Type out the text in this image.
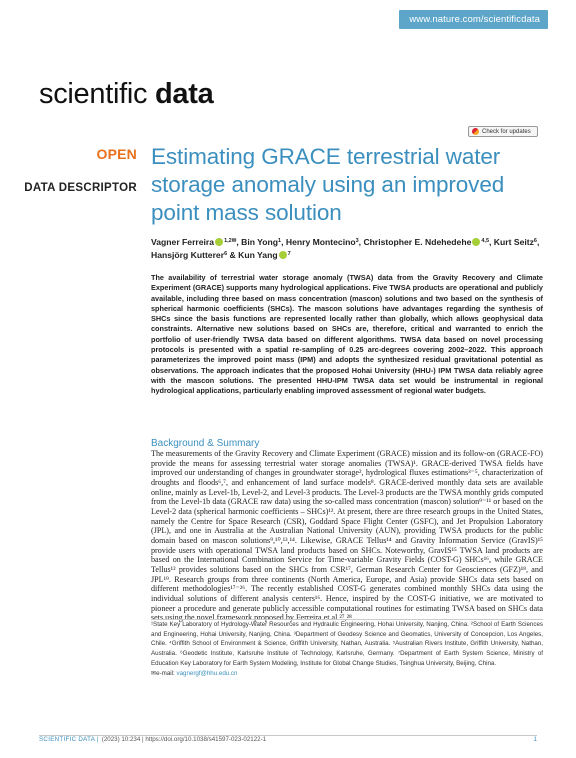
www.nature.com/scientificdata
scientific data
Check for updates
OPEN
DATA DESCRIPTOR
Estimating GRACE terrestrial water storage anomaly using an improved point mass solution
Vagner Ferreira $^{1,2✉}$, Bin Yong$^1$, Henry Montecino$^3$, Christopher E. Ndehedehe $^{4,5}$, Kurt Seitz$^6$, Hansjörg Kutterer$^6$ & Kun Yang $^7$

The availability of terrestrial water storage anomaly (TWSA) data from the Gravity Recovery and Climate Experiment (GRACE) supports many hydrological applications. Five TWSA products are operational and publicly available, including three based on mass concentration (mascon) solutions and two based on the synthesis of spherical harmonic coefficients (SHCs). The mascon solutions have advantages regarding the synthesis of SHCs since the basis functions are represented locally rather than globally, which allows geophysical data constraints. Alternative new solutions based on SHCs are, therefore, critical and warranted to enrich the portfolio of user-friendly TWSA data based on different algorithms. TWSA data based on novel processing protocols is presented with a spatial re-sampling of 0.25 arc-degrees covering 2002–2022. This approach parameterizes the improved point mass (IPM) and adopts the synthesized residual gravitational potential as observations. The approach indicates that the proposed Hohai University (HHU-) IPM TWSA data reliably agree with the mascon solutions. The presented HHU-IPM TWSA data set would be instrumental in regional hydrological applications, particularly enabling improved assessment of regional water budgets.

Background & Summary

The measurements of the Gravity Recovery and Climate Experiment (GRACE) mission and its follow-on (GRACE-FO) provide the means for assessing terrestrial water storage anomalies (TWSA)¹. GRACE-derived TWSA fields have improved our understanding of changes in groundwater storage², hydrological fluxes estimations³⁻⁵, characterization of droughts and floods⁶,⁷, and enhancement of land surface models⁸. GRACE-derived monthly data sets are available online, mainly as Level-1b, Level-2, and Level-3 products. The Level-3 products are the TWSA monthly grids computed from the Level-1b data (GRACE raw data) using the so-called mass concentration (mascon) solution⁹⁻¹¹ or based on the Level-2 data (spherical harmonic coefficients – SHCs)¹². At present, there are three research groups in the United States, namely the Centre for Space Research (CSR), Goddard Space Flight Center (GSFC), and Jet Propulsion Laboratory (JPL), and one in Australia at the Australian National University (AUN), providing TWSA products for the public domain based on mascon solutions⁹,¹⁰,¹³,¹⁴. Likewise, GRACE Tellus¹⁴ and Gravity Information Service (GravIS)¹⁵ provide users with operational TWSA land products based on SHCs. Noteworthy, GravIS¹⁵ TWSA land products are based on the International Combination Service for Time-variable Gravity Fields (COST-G) SHCs¹⁶, while GRACE Tellus¹² provides solutions based on the SHCs from CSR¹⁷, German Research Center for Geosciences (GFZ)¹⁸, and JPL¹⁹. Research groups from three continents (North America, Europe, and Asia) provide SHCs data sets based on different methodologies¹⁷⁻²⁶. The recently established COST-G generates combined monthly SHCs data using the individual solutions of different analysis centers¹⁶. Hence, inspired by the COST-G initiative, we are motivated to pioneer a procedure and generate publicly accessible computational routines for estimating TWSA based on SHCs data sets using the novel framework proposed by Ferreira et al.²⁷,²⁸.

¹State Key Laboratory of Hydrology-Water Resources and Hydraulic Engineering, Hohai University, Nanjing, China. ²School of Earth Sciences and Engineering, Hohai University, Nanjing, China. ³Department of Geodesy Science and Geomatics, University of Concepcion, Los Angeles, Chile. ⁴Griffith School of Environment & Science, Griffith University, Nathan, Australia. ⁵Australian Rivers Institute, Griffith University, Nathan, Australia. ⁶Geodetic Institute, Karlsruhe Institute of Technology, Karlsruhe, Germany. ⁷Department of Earth System Science, Ministry of Education Key Laboratory for Earth System Modeling, Institute for Global Change Studies, Tsinghua University, Beijing, China.
✉e-mail: vagnergf@hhu.edu.cn
SCIENTIFIC DATA | (2023) 10:234 | https://doi.org/10.1038/s41597-023-02122-1	1
